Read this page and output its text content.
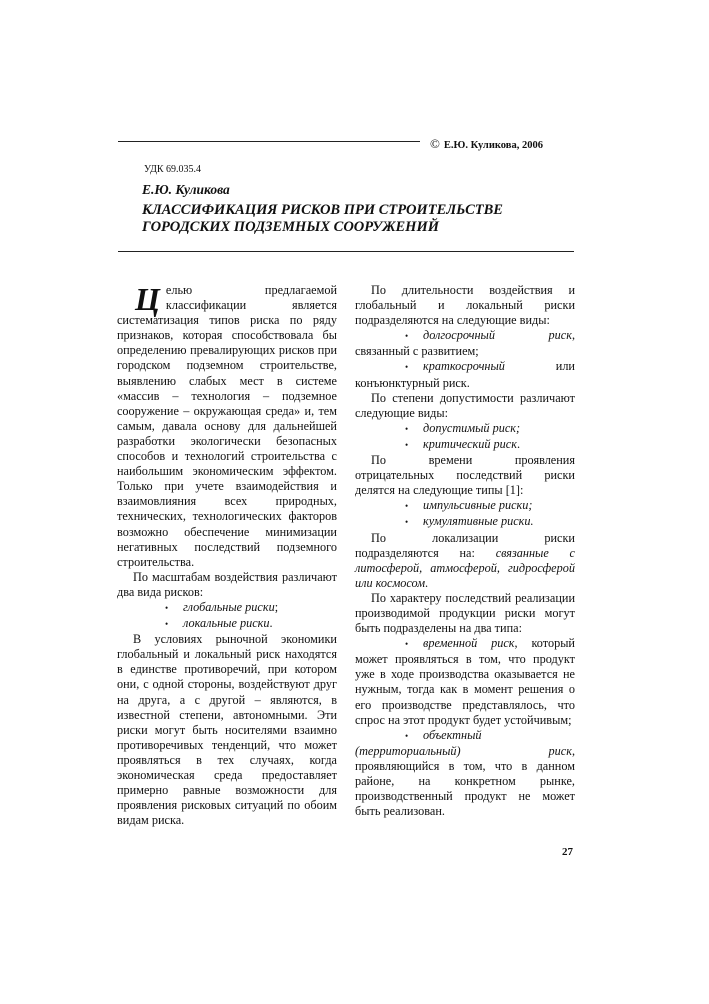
© Е.Ю. Куликова, 2006
УДК 69.035.4
Е.Ю. Куликова
КЛАССИФИКАЦИЯ РИСКОВ ПРИ СТРОИТЕЛЬСТВЕ
ГОРОДСКИХ ПОДЗЕМНЫХ СООРУЖЕНИЙ

Целью предлагаемой классификации является систематизация типов риска по ряду признаков, которая способствовала бы определению превалирующих рисков при городском подземном строительстве, выявлению слабых мест в системе «массив – технология – подземное сооружение – окружающая среда» и, тем самым, давала основу для дальнейшей разработки экологически безопасных способов и технологий строительства с наибольшим экономическим эффектом. Только при учете взаимодействия и взаимовлияния всех природных, технических, технологических факторов возможно обеспечение минимизации негативных последствий подземного строительства.

По масштабам воздействия различают два вида рисков:

• глобальные риски;

• локальные риски.

В условиях рыночной экономики глобальный и локальный риск находятся в единстве противоречий, при котором они, с одной стороны, воздействуют друг на друга, а с другой – являются, в известной степени, автономными. Эти риски могут быть носителями взаимно противоречивых тенденций, что может проявляться в тех случаях, когда экономическая среда предоставляет примерно равные возможности для проявления рисковых ситуаций по обоим видам риска.

По длительности воздействия и глобальный и локальный риски подразделяются на следующие виды:

• долгосрочный риск, связанный с развитием;

• краткосрочный или конъюнктурный риск.

По степени допустимости различают следующие виды:

• допустимый риск;

• критический риск.

По времени проявления отрицательных последствий риски делятся на следующие типы [1]:

• импульсивные риски;

• кумулятивные риски.

По локализации риски подразделяются на: связанные с литосферой, атмосферой, гидросферой или космосом.

По характеру последствий реализации производимой продукции риски могут быть подразделены на два типа:

• временной риск, который может проявляться в том, что продукт уже в ходе производства оказывается не нужным, тогда как в момент решения о его производстве представлялось, что спрос на этот продукт будет устойчивым;

• объектный (территориальный) риск, проявляющийся в том, что в данном районе, на конкретном рынке, производственный продукт не может быть реализован.

27
